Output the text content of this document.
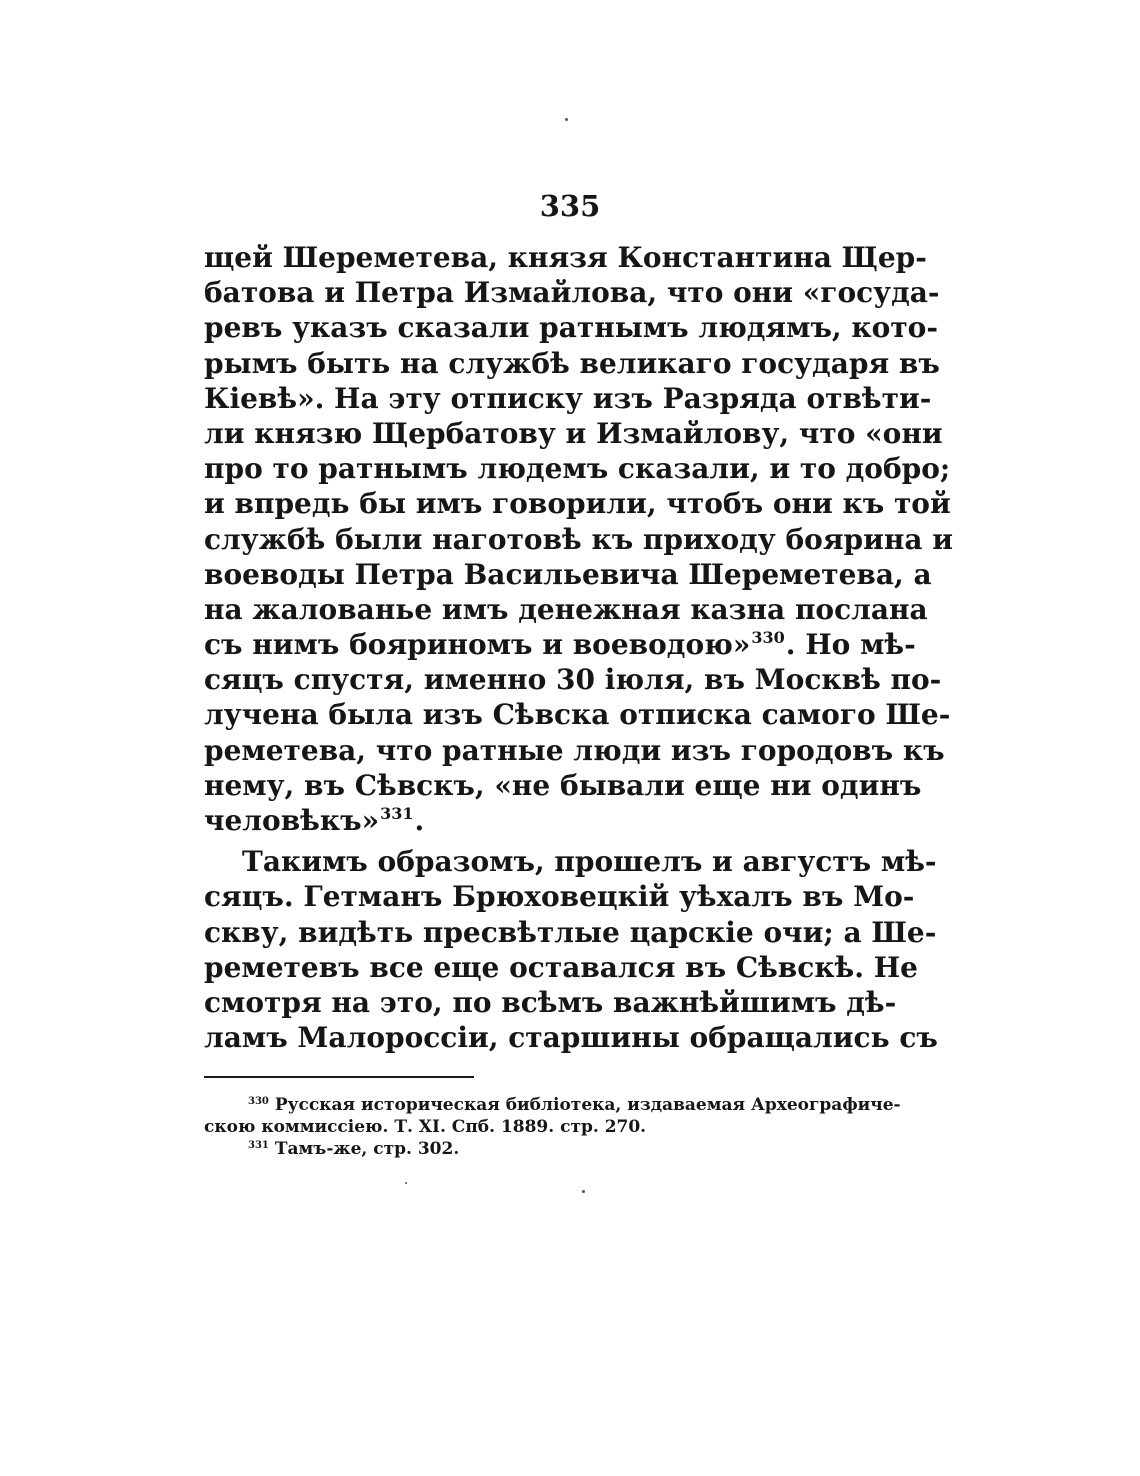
335
щей Шереметева, князя Константина Щер-
батова и Петра Измайлова, что они «госуда-
ревъ указъ сказали ратнымъ людямъ, кото-
рымъ быть на службѣ великаго государя въ
Кіевѣ». На эту отписку изъ Разряда отвѣти-
ли князю Щербатову и Измайлову, что «они
про то ратнымъ людемъ сказали, и то добро;
и впредь бы имъ говорили, чтобъ они къ той
службѣ были наготовѣ къ приходу боярина и
воеводы Петра Васильевича Шереметева, а
на жалованье имъ денежная казна послана
съ нимъ бояриномъ и воеводою»$^{330}$. Но мѣ-
сяцъ спустя, именно 30 іюля, въ Москвѣ по-
лучена была изъ Сѣвска отписка самого Ше-
реметева, что ратные люди изъ городовъ къ
нему, въ Сѣвскъ, «не бывали еще ни одинъ
человѣкъ»$^{331}$.
Такимъ образомъ, прошелъ и августъ мѣ-
сяцъ. Гетманъ Брюховецкій уѣхалъ въ Мо-
скву, видѣть пресвѣтлые царскіе очи; а Ше-
реметевъ все еще оставался въ Сѣвскѣ. Не
смотря на это, по всѣмъ важнѣйшимъ дѣ-
ламъ Малороссіи, старшины обращались съ
$^{330}$ Русская историческая библіотека, издаваемая Археографиче-
скою коммиссіею. Т. XI. Спб. 1889. стр. 270.
$^{331}$ Тамъ-же, стр. 302.
